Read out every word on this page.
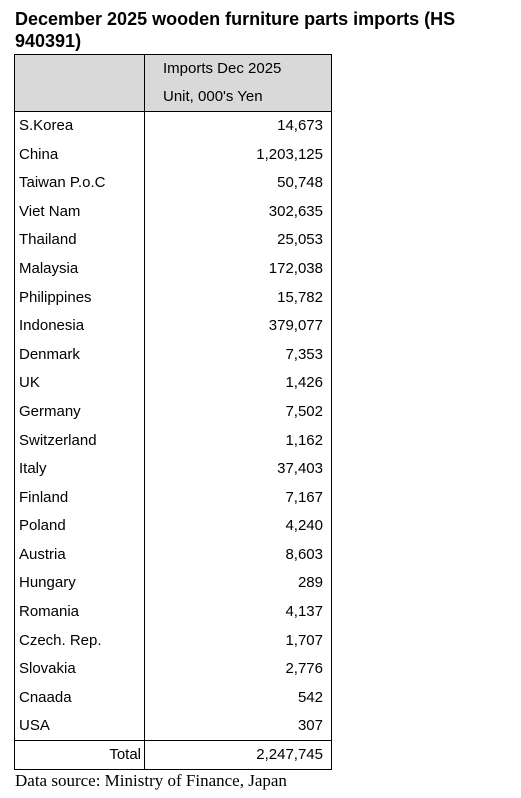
December 2025 wooden furniture parts imports (HS 940391)
	Imports Dec 2025
	Unit, 000's Yen
S.Korea	14,673
China	1,203,125
Taiwan P.o.C	50,748
Viet Nam	302,635
Thailand	25,053
Malaysia	172,038
Philippines	15,782
Indonesia	379,077
Denmark	7,353
UK	1,426
Germany	7,502
Switzerland	1,162
Italy	37,403
Finland	7,167
Poland	4,240
Austria	8,603
Hungary	289
Romania	4,137
Czech. Rep.	1,707
Slovakia	2,776
Cnaada	542
USA	307
Total	2,247,745
Data source: Ministry of Finance, Japan
